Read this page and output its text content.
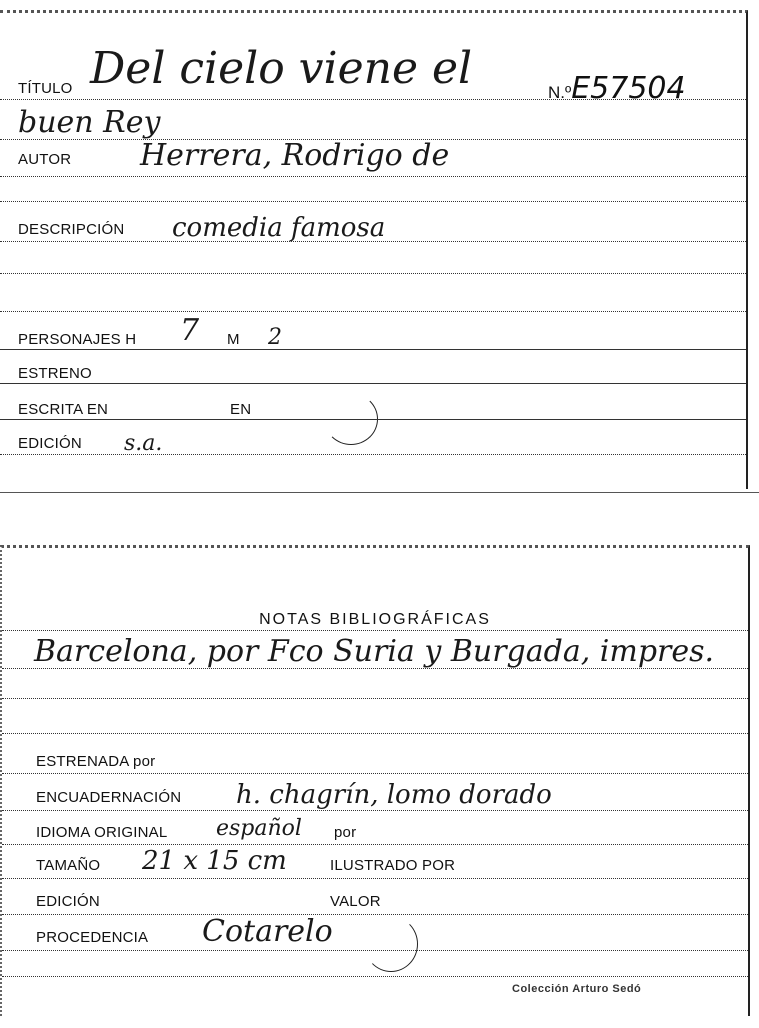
TÍTULO Del cielo viene el	N.ºE57504
buen Rey
AUTOR Herrera, Rodrigo de
DESCRIPCIÓN comedia famosa
PERSONAJES H 7 M 2
ESTRENO
ESCRITA EN	EN
EDICIÓN s.a.
NOTAS BIBLIOGRÁFICAS
Barcelona, por Fco Suria y Burgada, impres.
ESTRENADA por
ENCUADERNACIÓN h. chagrín, lomo dorado
IDIOMA ORIGINAL español por
TAMAÑO 21 x 15 cm	ILUSTRADO POR
EDICIÓN	VALOR
PROCEDENCIA Cotarelo
Colección Arturo Sedó
